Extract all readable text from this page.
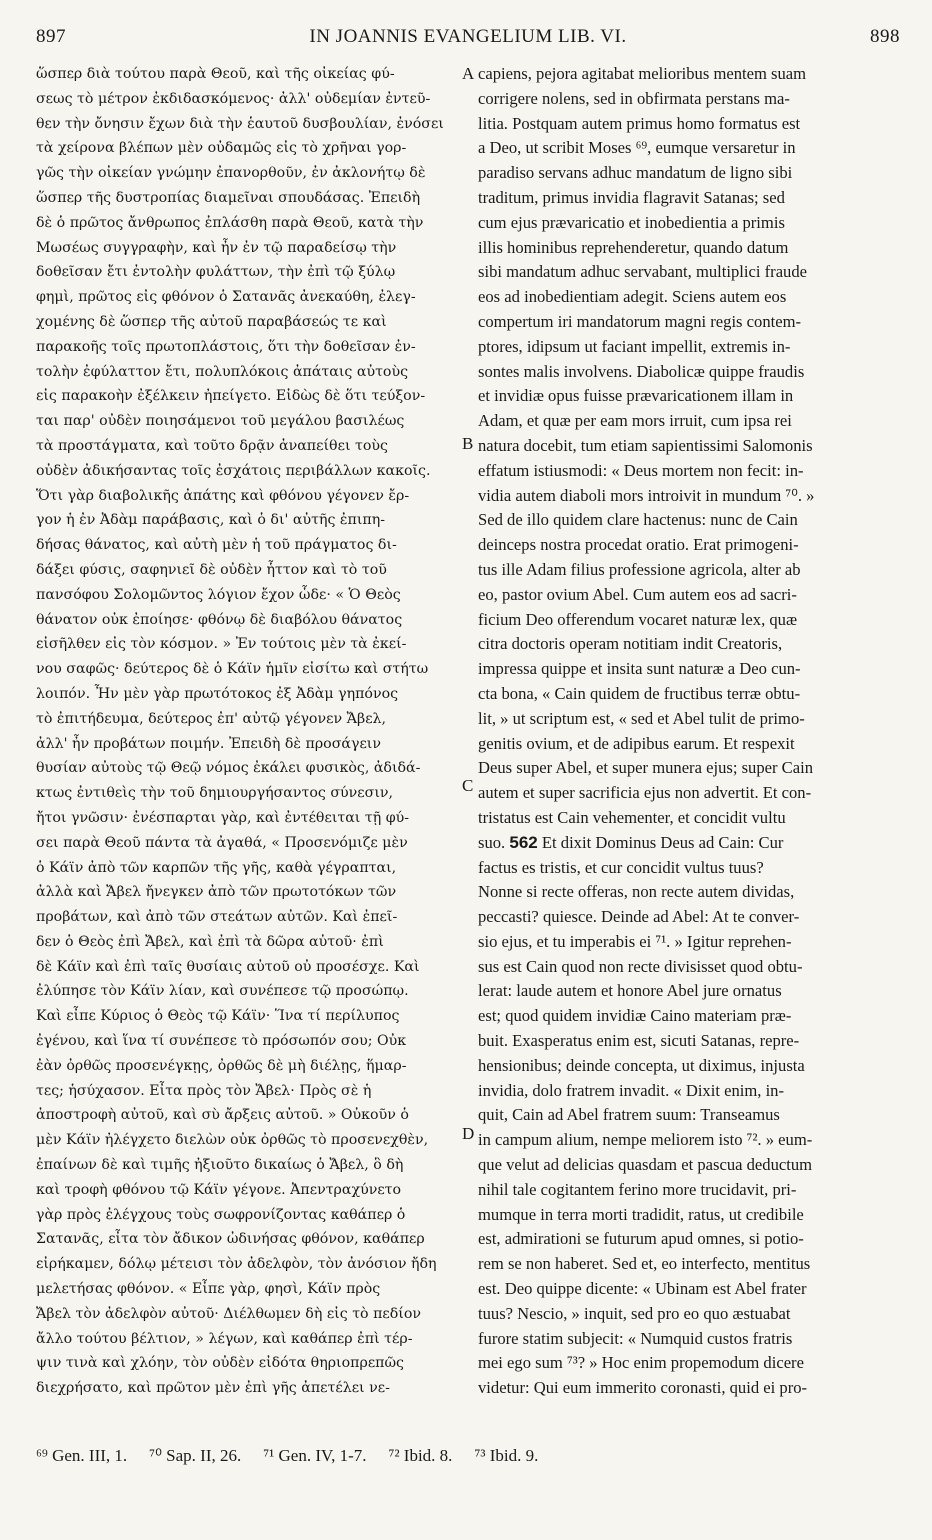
897	IN JOANNIS EVANGELIUM LIB. VI.	898
ὥσπερ διὰ τούτου παρὰ Θεοῦ, καὶ τῆς οἰκείας φύ-
σεως τὸ μέτρον ἐκδιδασκόμενος· ἀλλ' οὐδεμίαν ἐντεῦ-
θεν τὴν ὄνησιν ἔχων διὰ τὴν ἑαυτοῦ δυσβουλίαν, ἐνόσει
τὰ χείρονα βλέπων μὲν οὐδαμῶς εἰς τὸ χρῆναι γορ-
γῶς τὴν οἰκείαν γνώμην ἐπανορθοῦν, ἐν ἀκλονήτῳ δὲ
ὥσπερ τῆς δυστροπίας διαμεῖναι σπουδάσας. Ἐπειδὴ
δὲ ὁ πρῶτος ἄνθρωπος ἐπλάσθη παρὰ Θεοῦ, κατὰ τὴν
Μωσέως συγγραφὴν, καὶ ἦν ἐν τῷ παραδείσῳ τὴν
δοθεῖσαν ἔτι ἐντολὴν φυλάττων, τὴν ἐπὶ τῷ ξύλῳ
φημὶ, πρῶτος εἰς φθόνον ὁ Σατανᾶς ἀνεκαύθη, ἐλεγ-
χομένης δὲ ὥσπερ τῆς αὐτοῦ παραβάσεώς τε καὶ
παρακοῆς τοῖς πρωτοπλάστοις, ὅτι τὴν δοθεῖσαν ἐν-
τολὴν ἐφύλαττον ἔτι, πολυπλόκοις ἀπάταις αὐτοὺς
εἰς παρακοὴν ἐξέλκειν ἠπείγετο. Εἰδὼς δὲ ὅτι τεύξον-
ται παρ' οὐδὲν ποιησάμενοι τοῦ μεγάλου βασιλέως
τὰ προστάγματα, καὶ τοῦτο δρᾷν ἀναπείθει τοὺς
οὐδὲν ἀδικήσαντας τοῖς ἐσχάτοις περιβάλλων κακοῖς.
Ὅτι γὰρ διαβολικῆς ἀπάτης καὶ φθόνου γέγονεν ἔρ-
γον ἡ ἐν Ἀδὰμ παράβασις, καὶ ὁ δι' αὐτῆς ἐπιπη-
δήσας θάνατος, καὶ αὐτὴ μὲν ἡ τοῦ πράγματος δι-
δάξει φύσις, σαφηνιεῖ δὲ οὐδὲν ἧττον καὶ τὸ τοῦ
πανσόφου Σολομῶντος λόγιον ἔχον ὧδε· « Ὁ Θεὸς
θάνατον οὐκ ἐποίησε· φθόνῳ δὲ διαβόλου θάνατος
εἰσῆλθεν εἰς τὸν κόσμον. » Ἐν τούτοις μὲν τὰ ἐκεί-
νου σαφῶς· δεύτερος δὲ ὁ Κάϊν ἡμῖν εἰσίτω καὶ στήτω
λοιπόν. Ἦν μὲν γὰρ πρωτότοκος ἐξ Ἀδὰμ γηπόνος
τὸ ἐπιτήδευμα, δεύτερος ἐπ' αὐτῷ γέγονεν Ἄβελ,
ἀλλ' ἦν προβάτων ποιμήν. Ἐπειδὴ δὲ προσάγειν
θυσίαν αὐτοὺς τῷ Θεῷ νόμος ἐκάλει φυσικὸς, ἀδιδά-
κτως ἐντιθεὶς τὴν τοῦ δημιουργήσαντος σύνεσιν,
ἤτοι γνῶσιν· ἐνέσπαρται γὰρ, καὶ ἐντέθειται τῇ φύ-
σει παρὰ Θεοῦ πάντα τὰ ἀγαθά, « Προσενόμιζε μὲν
ὁ Κάϊν ἀπὸ τῶν καρπῶν τῆς γῆς, καθὰ γέγραπται,
ἀλλὰ καὶ Ἄβελ ἤνεγκεν ἀπὸ τῶν πρωτοτόκων τῶν
προβάτων, καὶ ἀπὸ τῶν στεάτων αὐτῶν. Καὶ ἐπεῖ-
δεν ὁ Θεὸς ἐπὶ Ἄβελ, καὶ ἐπὶ τὰ δῶρα αὐτοῦ· ἐπὶ
δὲ Κάϊν καὶ ἐπὶ ταῖς θυσίαις αὐτοῦ οὐ προσέσχε. Καὶ
ἐλύπησε τὸν Κάϊν λίαν, καὶ συνέπεσε τῷ προσώπῳ.
Καὶ εἶπε Κύριος ὁ Θεὸς τῷ Κάϊν· Ἵνα τί περίλυπος
ἐγένου, καὶ ἵνα τί συνέπεσε τὸ πρόσωπόν σου; Οὐκ
ἐὰν ὀρθῶς προσενέγκῃς, ὀρθῶς δὲ μὴ διέλῃς, ἥμαρ-
τες; ἡσύχασον. Εἶτα πρὸς τὸν Ἄβελ· Πρὸς σὲ ἡ
ἀποστροφὴ αὐτοῦ, καὶ σὺ ἄρξεις αὐτοῦ. » Οὐκοῦν ὁ
μὲν Κάϊν ἠλέγχετο διελὼν οὐκ ὀρθῶς τὸ προσενεχθὲν,
ἐπαίνων δὲ καὶ τιμῆς ἠξιοῦτο δικαίως ὁ Ἄβελ, ὃ δὴ
καὶ τροφὴ φθόνου τῷ Κάϊν γέγονε. Ἀπεντραχύνετο
γὰρ πρὸς ἐλέγχους τοὺς σωφρονίζοντας καθάπερ ὁ
Σατανᾶς, εἶτα τὸν ἄδικον ὠδινήσας φθόνον, καθάπερ
εἰρήκαμεν, δόλῳ μέτεισι τὸν ἀδελφὸν, τὸν ἀνόσιον ἤδη
μελετήσας φθόνον. « Εἶπε γὰρ, φησὶ, Κάϊν πρὸς
Ἄβελ τὸν ἀδελφὸν αὐτοῦ· Διέλθωμεν δὴ εἰς τὸ πεδίον
ἄλλο τούτου βέλτιον, » λέγων, καὶ καθάπερ ἐπὶ τέρ-
ψιν τινὰ καὶ χλόην, τὸν οὐδὲν εἰδότα θηριοπρεπῶς
διεχρήσατο, καὶ πρῶτον μὲν ἐπὶ γῆς ἀπετέλει νε-
A
B
C
D
capiens, pejora agitabat melioribus mentem suam
corrigere nolens, sed in obfirmata perstans ma-
litia. Postquam autem primus homo formatus est
a Deo, ut scribit Moses ⁶⁹, eumque versaretur in
paradiso servans adhuc mandatum de ligno sibi
traditum, primus invidia flagravit Satanas; sed
cum ejus prævaricatio et inobedientia a primis
illis hominibus reprehenderetur, quando datum
sibi mandatum adhuc servabant, multiplici fraude
eos ad inobedientiam adegit. Sciens autem eos
compertum iri mandatorum magni regis contem-
ptores, idipsum ut faciant impellit, extremis in-
sontes malis involvens. Diabolicæ quippe fraudis
et invidiæ opus fuisse prævaricationem illam in
Adam, et quæ per eam mors irruit, cum ipsa rei
natura docebit, tum etiam sapientissimi Salomonis
effatum istiusmodi: « Deus mortem non fecit: in-
vidia autem diaboli mors introivit in mundum ⁷⁰. »
Sed de illo quidem clare hactenus: nunc de Cain
deinceps nostra procedat oratio. Erat primogeni-
tus ille Adam filius professione agricola, alter ab
eo, pastor ovium Abel. Cum autem eos ad sacri-
ficium Deo offerendum vocaret naturæ lex, quæ
citra doctoris operam notitiam indit Creatoris,
impressa quippe et insita sunt naturæ a Deo cun-
cta bona, « Cain quidem de fructibus terræ obtu-
lit, » ut scriptum est, « sed et Abel tulit de primo-
genitis ovium, et de adipibus earum. Et respexit
Deus super Abel, et super munera ejus; super Cain
autem et super sacrificia ejus non advertit. Et con-
tristatus est Cain vehementer, et concidit vultu
suo. 562 Et dixit Dominus Deus ad Cain: Cur
factus es tristis, et cur concidit vultus tuus?
Nonne si recte offeras, non recte autem dividas,
peccasti? quiesce. Deinde ad Abel: At te conver-
sio ejus, et tu imperabis ei ⁷¹. » Igitur reprehen-
sus est Cain quod non recte divisisset quod obtu-
lerat: laude autem et honore Abel jure ornatus
est; quod quidem invidiæ Caino materiam præ-
buit. Exasperatus enim est, sicuti Satanas, repre-
hensionibus; deinde concepta, ut diximus, injusta
invidia, dolo fratrem invadit. « Dixit enim, in-
quit, Cain ad Abel fratrem suum: Transeamus
in campum alium, nempe meliorem isto ⁷². » eum-
que velut ad delicias quasdam et pascua deductum
nihil tale cogitantem ferino more trucidavit, pri-
mumque in terra morti tradidit, ratus, ut credibile
est, admirationi se futurum apud omnes, si potio-
rem se non haberet. Sed et, eo interfecto, mentitus
est. Deo quippe dicente: « Ubinam est Abel frater
tuus? Nescio, » inquit, sed pro eo quo æstuabat
furore statim subjecit: « Numquid custos fratris
mei ego sum ⁷³? » Hoc enim propemodum dicere
videtur: Qui eum immerito coronasti, quid ei pro-
⁶⁹ Gen. III, 1. ⁷⁰ Sap. II, 26. ⁷¹ Gen. IV, 1-7. ⁷² Ibid. 8. ⁷³ Ibid. 9.
